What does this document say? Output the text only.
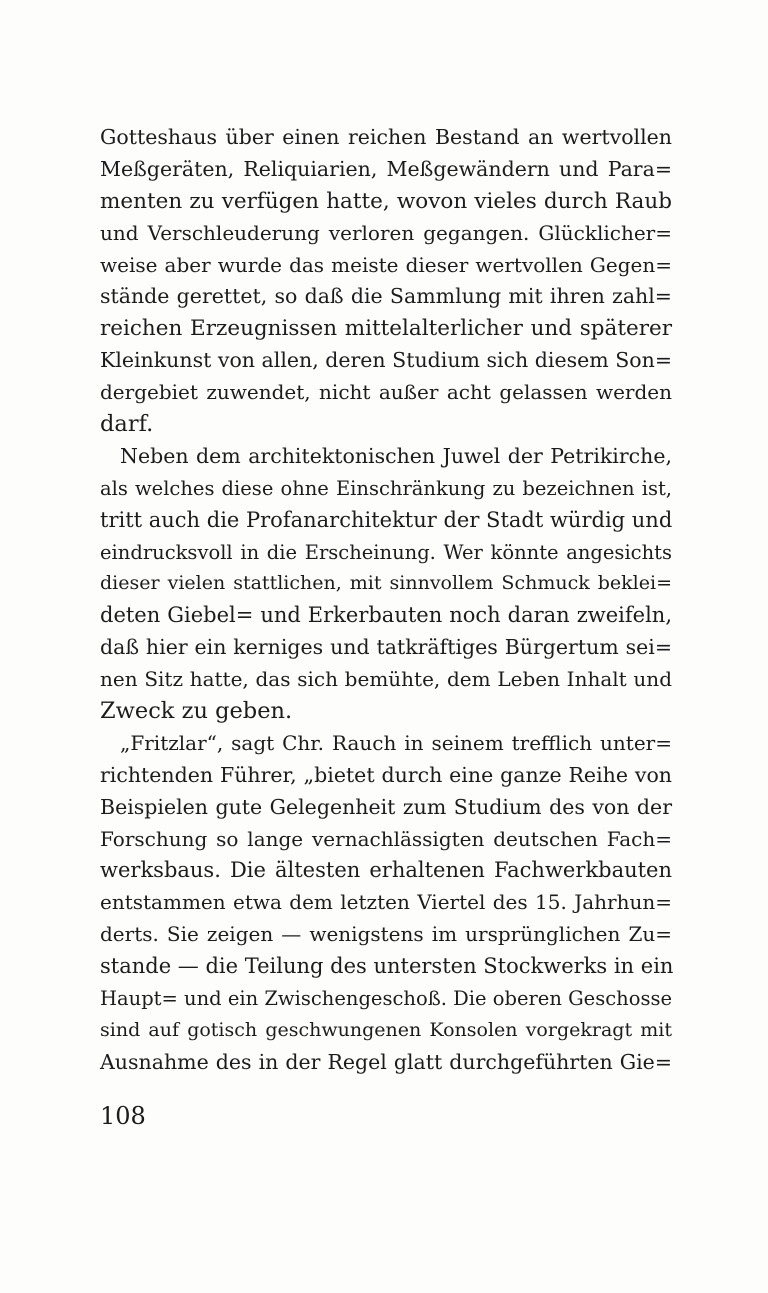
Gotteshaus über einen reichen Bestand an wertvollen
Meßgeräten, Reliquiarien, Meßgewändern und Para=
menten zu verfügen hatte, wovon vieles durch Raub
und Verschleuderung verloren gegangen. Glücklicher=
weise aber wurde das meiste dieser wertvollen Gegen=
stände gerettet, so daß die Sammlung mit ihren zahl=
reichen Erzeugnissen mittelalterlicher und späterer
Kleinkunst von allen, deren Studium sich diesem Son=
dergebiet zuwendet, nicht außer acht gelassen werden
darf.
Neben dem architektonischen Juwel der Petrikirche,
als welches diese ohne Einschränkung zu bezeichnen ist,
tritt auch die Profanarchitektur der Stadt würdig und
eindrucksvoll in die Erscheinung. Wer könnte angesichts
dieser vielen stattlichen, mit sinnvollem Schmuck beklei=
deten Giebel= und Erkerbauten noch daran zweifeln,
daß hier ein kerniges und tatkräftiges Bürgertum sei=
nen Sitz hatte, das sich bemühte, dem Leben Inhalt und
Zweck zu geben.
„Fritzlar“, sagt Chr. Rauch in seinem trefflich unter=
richtenden Führer, „bietet durch eine ganze Reihe von
Beispielen gute Gelegenheit zum Studium des von der
Forschung so lange vernachlässigten deutschen Fach=
werksbaus. Die ältesten erhaltenen Fachwerkbauten
entstammen etwa dem letzten Viertel des 15. Jahrhun=
derts. Sie zeigen — wenigstens im ursprünglichen Zu=
stande — die Teilung des untersten Stockwerks in ein
Haupt= und ein Zwischengeschoß. Die oberen Geschosse
sind auf gotisch geschwungenen Konsolen vorgekragt mit
Ausnahme des in der Regel glatt durchgeführten Gie=
108
